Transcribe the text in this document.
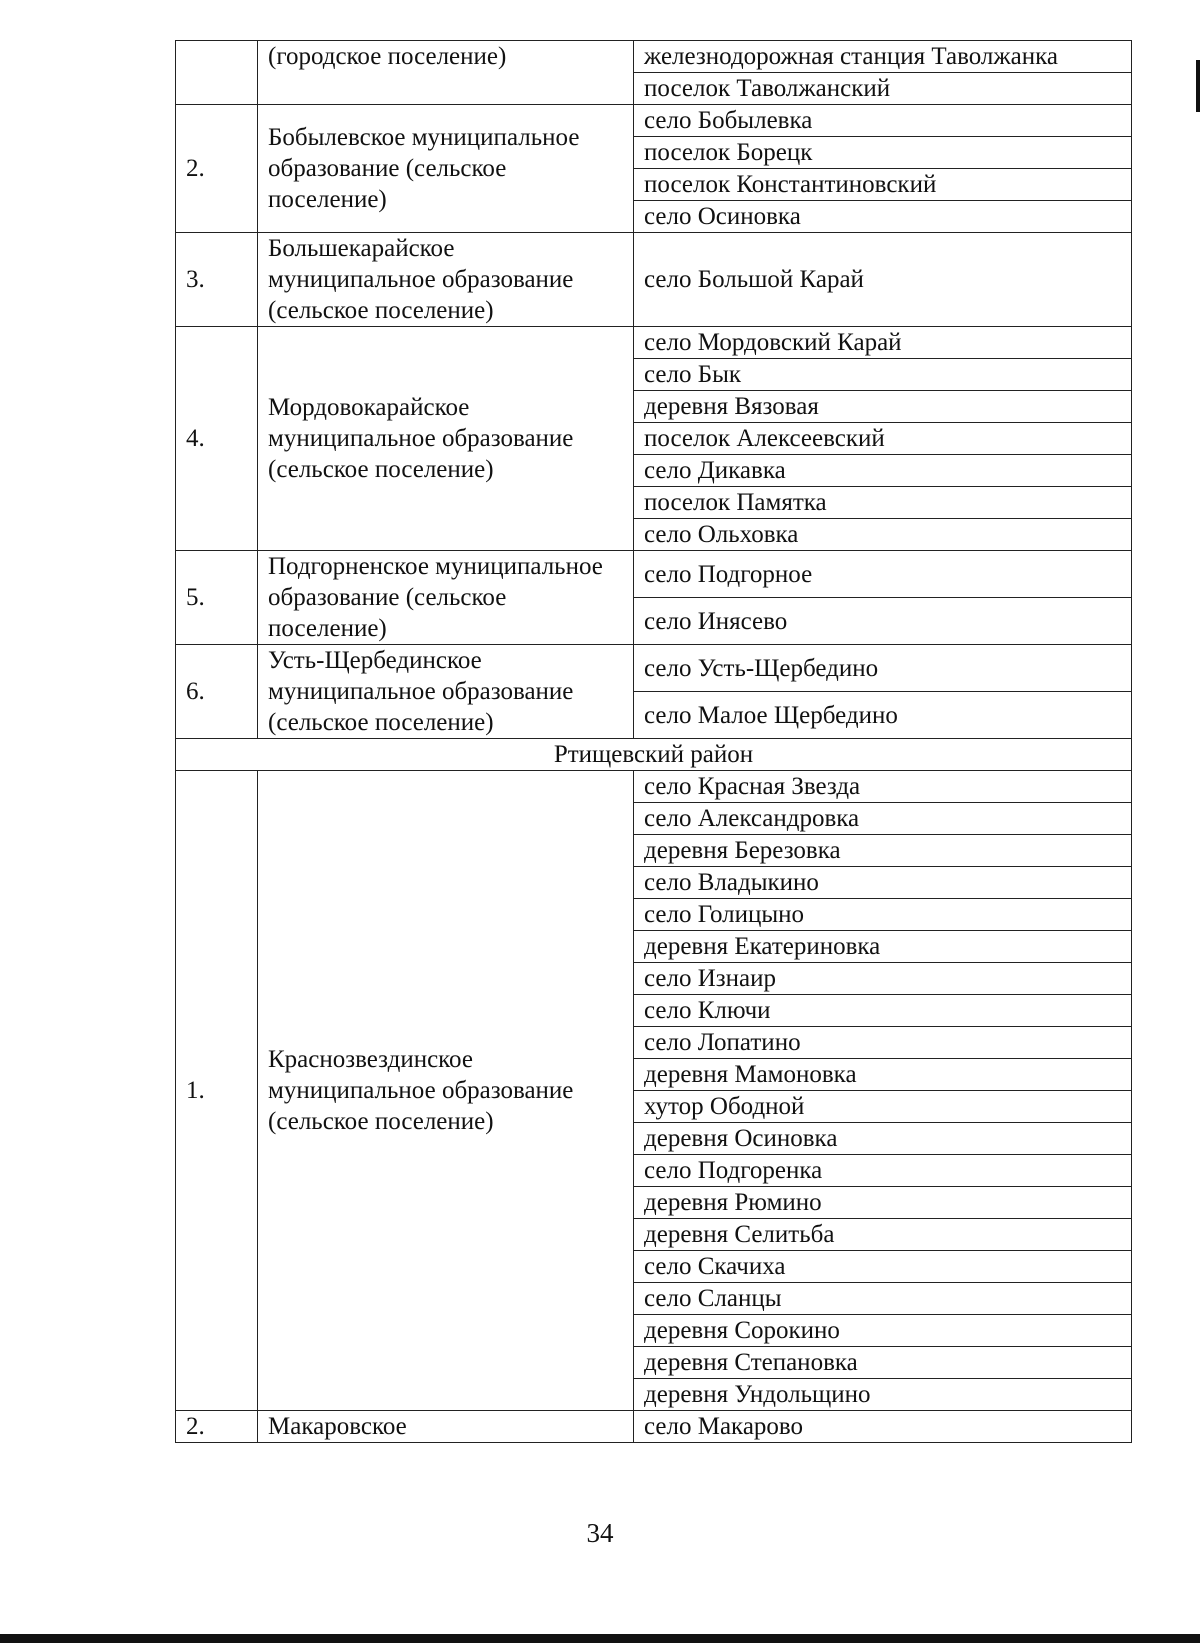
	(городское поселение)	железнодорожная станция Таволжанка
		поселок Таволжанский
2.	Бобылевское муниципальное образование (сельское поселение)	село Бобылевка
		поселок Борецк
		поселок Константиновский
		село Осиновка
3.	Большекарайское муниципальное образование (сельское поселение)	село Большой Карай
4.	Мордовокарайское муниципальное образование (сельское поселение)	село Мордовский Карай
		село Бык
		деревня Вязовая
		поселок Алексеевский
		село Дикавка
		поселок Памятка
		село Ольховка
5.	Подгорненское муниципальное образование (сельское поселение)	село Подгорное
		село Инясево
6.	Усть-Щербединское муниципальное образование (сельское поселение)	село Усть-Щербедино
		село Малое Щербедино
Ртищевский район		
1.	Краснозвездинское муниципальное образование (сельское поселение)	село Красная Звезда
		село Александровка
		деревня Березовка
		село Владыкино
		село Голицыно
		деревня Екатериновка
		село Изнаир
		село Ключи
		село Лопатино
		деревня Мамоновка
		хутор Ободной
		деревня Осиновка
		село Подгоренка
		деревня Рюмино
		деревня Селитьба
		село Скачиха
		село Сланцы
		деревня Сорокино
		деревня Степановка
		деревня Ундольщино
2.	Макаровское	село Макарово
34
